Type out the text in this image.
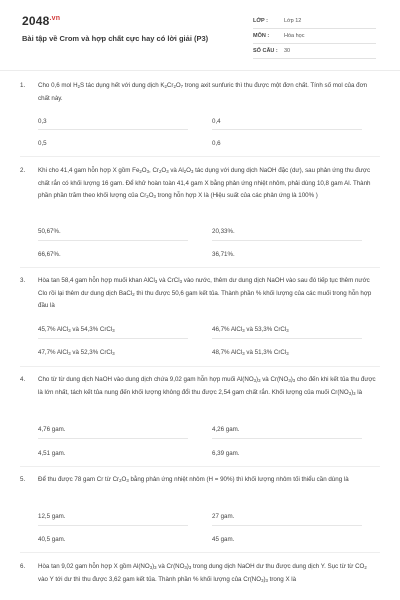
$2048^{.vn}$
Bài tập về Crom và hợp chất cực hay có lời giải (P3)
LỚP :	Lớp 12
MÔN :	Hóa học
SỐ CÂU : 30
1. Cho 0,6 mol $H_2S$ tác dụng hết với dung dịch $K_2Cr_2O_7$ trong axit sunfuric thì thu được một đơn chất. Tính số mol của đơn chất này.
0,3	0,4
0,5	0,6
2. Khi cho 41,4 gam hỗn hợp X gồm $Fe_2O_3$, $Cr_2O_3$ và $Al_2O_3$ tác dụng với dung dịch NaOH đặc (dư), sau phản ứng thu được chất rắn có khối lượng 16 gam. Để khử hoàn toàn 41,4 gam X bằng phản ứng nhiệt nhôm, phải dùng 10,8 gam Al. Thành phần phần trăm theo khối lượng của $Cr_2O_3$ trong hỗn hợp X là (Hiệu suất của các phản ứng là 100% )
50,67%.	20,33%.
66,67%.	36,71%.
3. Hòa tan 58,4 gam hỗn hợp muối khan AlCl$_3$ và CrCl$_3$ vào nước, thêm dư dung dịch NaOH vào sau đó tiếp tục thêm nước Clo rồi lại thêm dư dung dịch BaCl$_2$ thì thu được 50,6 gam kết tủa. Thành phần % khối lượng của các muối trong hỗn hợp đầu là
45,7% AlCl$_3$ và 54,3% CrCl$_3$	46,7% AlCl$_3$ và 53,3% CrCl$_3$
47,7% AlCl$_3$ và 52,3% CrCl$_3$	48,7% AlCl$_3$ và 51,3% CrCl$_3$
4. Cho từ từ dung dịch NaOH vào dung dịch chứa 9,02 gam hỗn hợp muối $Al(NO_3)_3$ và $Cr(NO_3)_3$ cho đến khi kết tủa thu được là lớn nhất, tách kết tủa nung đến khối lượng không đổi thu được 2,54 gam chất rắn. Khối lượng của muối $Cr(NO_3)_3$ là
4,76 gam.	4,26 gam.
4,51 gam.	6,39 gam.
5. Để thu được 78 gam Cr từ $Cr_2O_3$ bằng phản ứng nhiệt nhôm (H = 90%) thì khối lượng nhôm tối thiểu cần dùng là
12,5 gam.	27 gam.
40,5 gam.	45 gam.
6. Hòa tan 9,02 gam hỗn hợp X gồm $Al(NO_3)_3$ và $Cr(NO_3)_3$ trong dung dịch NaOH dư thu được dung dịch Y. Sục từ từ $CO_2$ vào Y tới dư thì thu được 3,62 gam kết tủa. Thành phần % khối lượng của $Cr(NO_3)_3$ trong X là
